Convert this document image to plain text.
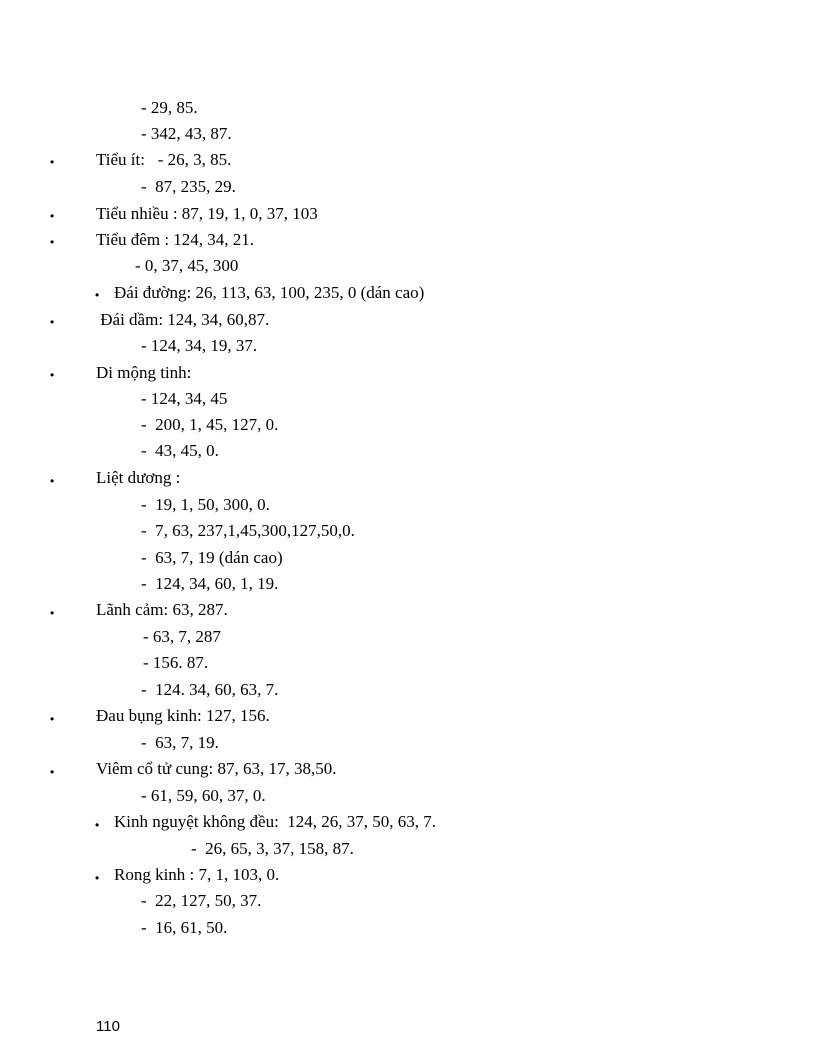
- 29, 85.
- 342, 43, 87.
• Tiểu ít:   - 26, 3, 85.
-  87, 235, 29.
• Tiểu nhiều : 87, 19, 1, 0, 37, 103
• Tiểu đêm : 124, 34, 21.
- 0, 37, 45, 300
• Đái đường: 26, 113, 63, 100, 235, 0 (dán cao)
• Đái dầm: 124, 34, 60,87.
- 124, 34, 19, 37.
• Di mộng tinh:
- 124, 34, 45
-  200, 1, 45, 127, 0.
-  43, 45, 0.
• Liệt dương :
-  19, 1, 50, 300, 0.
-  7, 63, 237,1,45,300,127,50,0.
-  63, 7, 19 (dán cao)
-  124, 34, 60, 1, 19.
• Lãnh cảm: 63, 287.
- 63, 7, 287
- 156. 87.
-  124. 34, 60, 63, 7.
• Đau bụng kinh: 127, 156.
-  63, 7, 19.
• Viêm cổ tử cung: 87, 63, 17, 38,50.
- 61, 59, 60, 37, 0.
• Kinh nguyệt không đều:  124, 26, 37, 50, 63, 7.
-  26, 65, 3, 37, 158, 87.
• Rong kinh : 7, 1, 103, 0.
-  22, 127, 50, 37.
-  16, 61, 50.
110
